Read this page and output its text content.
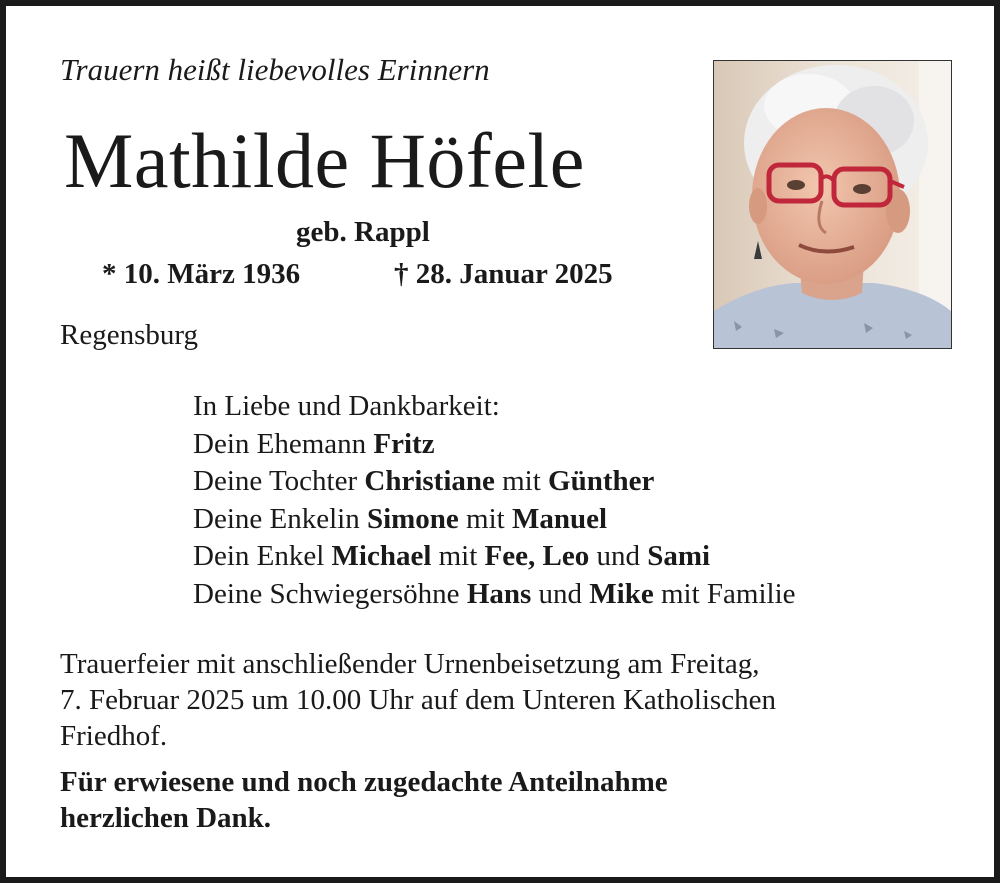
Trauern heißt liebevolles Erinnern
Mathilde Höfele
geb. Rappl
* 10. März 1936	† 28. Januar 2025
Regensburg
In Liebe und Dankbarkeit:
Dein Ehemann Fritz
Deine Tochter Christiane mit Günther
Deine Enkelin Simone mit Manuel
Dein Enkel Michael mit Fee, Leo und Sami
Deine Schwiegersöhne Hans und Mike mit Familie
Trauerfeier mit anschließender Urnenbeisetzung am Freitag,
7. Februar 2025 um 10.00 Uhr auf dem Unteren Katholischen
Friedhof.
Für erwiesene und noch zugedachte Anteilnahme
herzlichen Dank.
